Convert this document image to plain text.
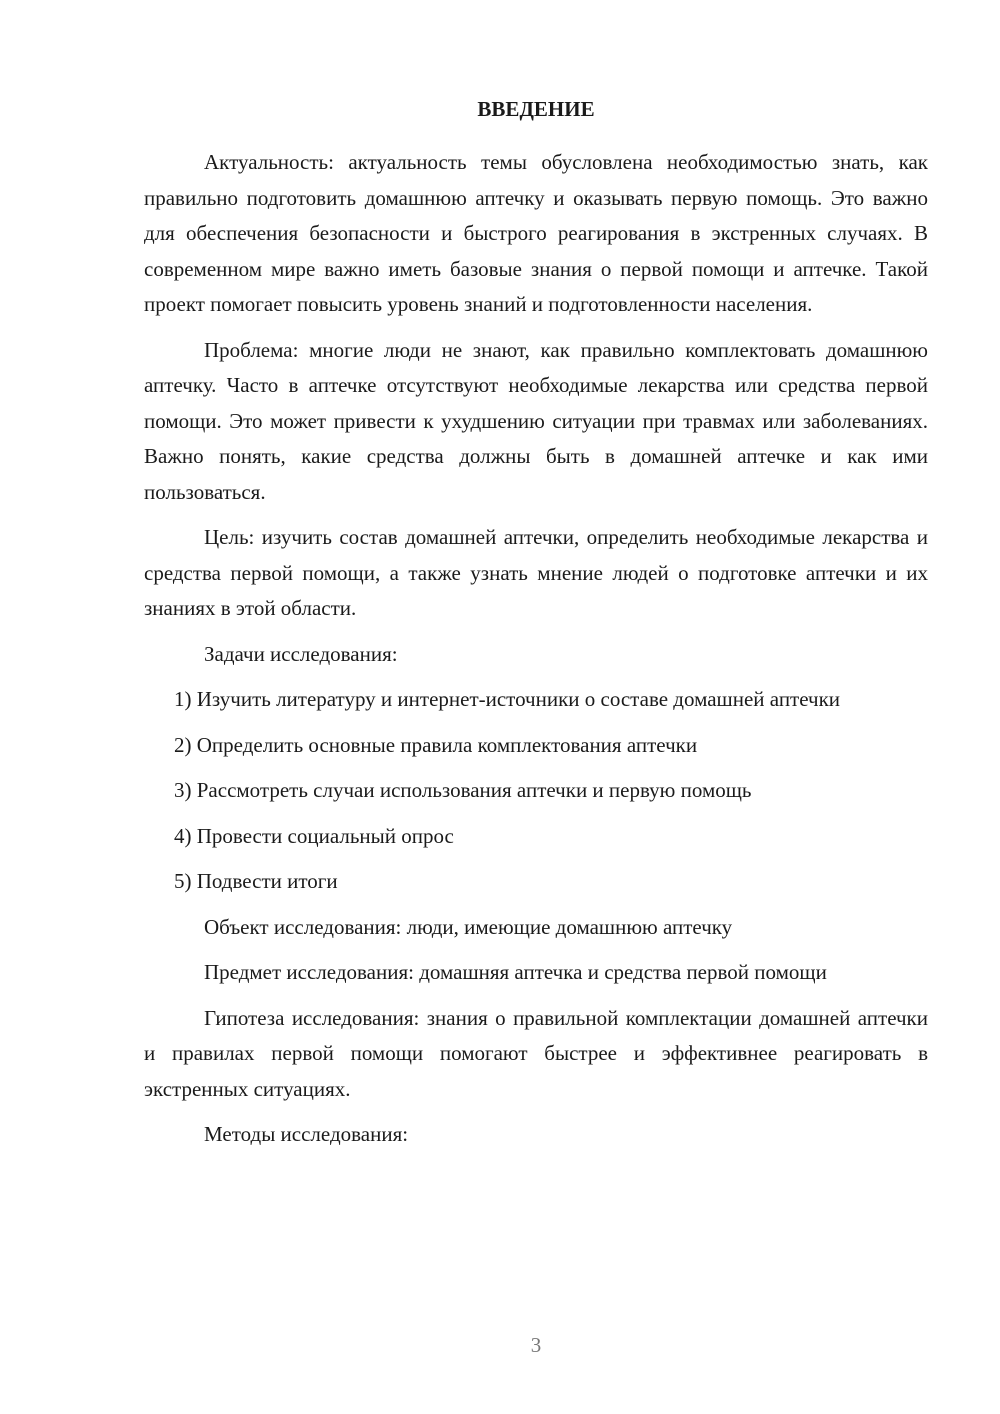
ВВЕДЕНИЕ

Актуальность: актуальность темы обусловлена необходимостью знать, как правильно подготовить домашнюю аптечку и оказывать первую помощь. Это важно для обеспечения безопасности и быстрого реагирования в экстренных случаях. В современном мире важно иметь базовые знания о первой помощи и аптечке. Такой проект помогает повысить уровень знаний и подготовленности населения.

Проблема: многие люди не знают, как правильно комплектовать домашнюю аптечку. Часто в аптечке отсутствуют необходимые лекарства или средства первой помощи. Это может привести к ухудшению ситуации при травмах или заболеваниях. Важно понять, какие средства должны быть в домашней аптечке и как ими пользоваться.

Цель: изучить состав домашней аптечки, определить необходимые лекарства и средства первой помощи, а также узнать мнение людей о подготовке аптечки и их знаниях в этой области.

Задачи исследования:

1) Изучить литературу и интернет-источники о составе домашней аптечки

2) Определить основные правила комплектования аптечки

3) Рассмотреть случаи использования аптечки и первую помощь

4) Провести социальный опрос

5) Подвести итоги

Объект исследования: люди, имеющие домашнюю аптечку

Предмет исследования: домашняя аптечка и средства первой помощи

Гипотеза исследования: знания о правильной комплектации домашней аптечки и правилах первой помощи помогают быстрее и эффективнее реагировать в экстренных ситуациях.

Методы исследования:

3
